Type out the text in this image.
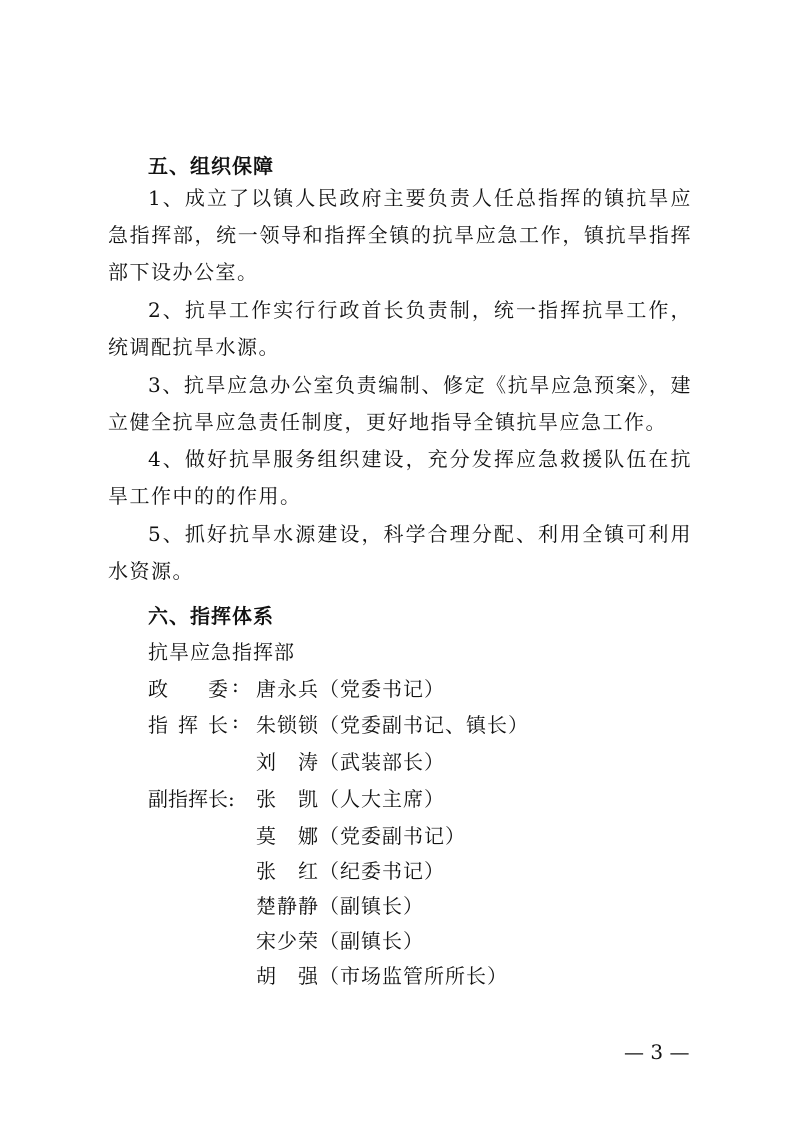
五、组织保障
1、成立了以镇人民政府主要负责人任总指挥的镇抗旱应急指挥部，统一领导和指挥全镇的抗旱应急工作，镇抗旱指挥部下设办公室。
2、抗旱工作实行行政首长负责制，统一指挥抗旱工作，统调配抗旱水源。
3、抗旱应急办公室负责编制、修定《抗旱应急预案》，建立健全抗旱应急责任制度，更好地指导全镇抗旱应急工作。
4、做好抗旱服务组织建设，充分发挥应急救援队伍在抗旱工作中的的作用。
5、抓好抗旱水源建设，科学合理分配、利用全镇可利用水资源。
六、指挥体系
抗旱应急指挥部
政 委 : 唐永兵（党委书记）
指 挥 长 : 朱锁锁（党委副书记、镇长）
刘　涛（武装部长）
副指挥长: 张　凯（人大主席）
莫　娜（党委副书记）
张　红（纪委书记）
楚静静（副镇长）
宋少荣（副镇长）
胡　强（市场监管所所长）
— 3 —
